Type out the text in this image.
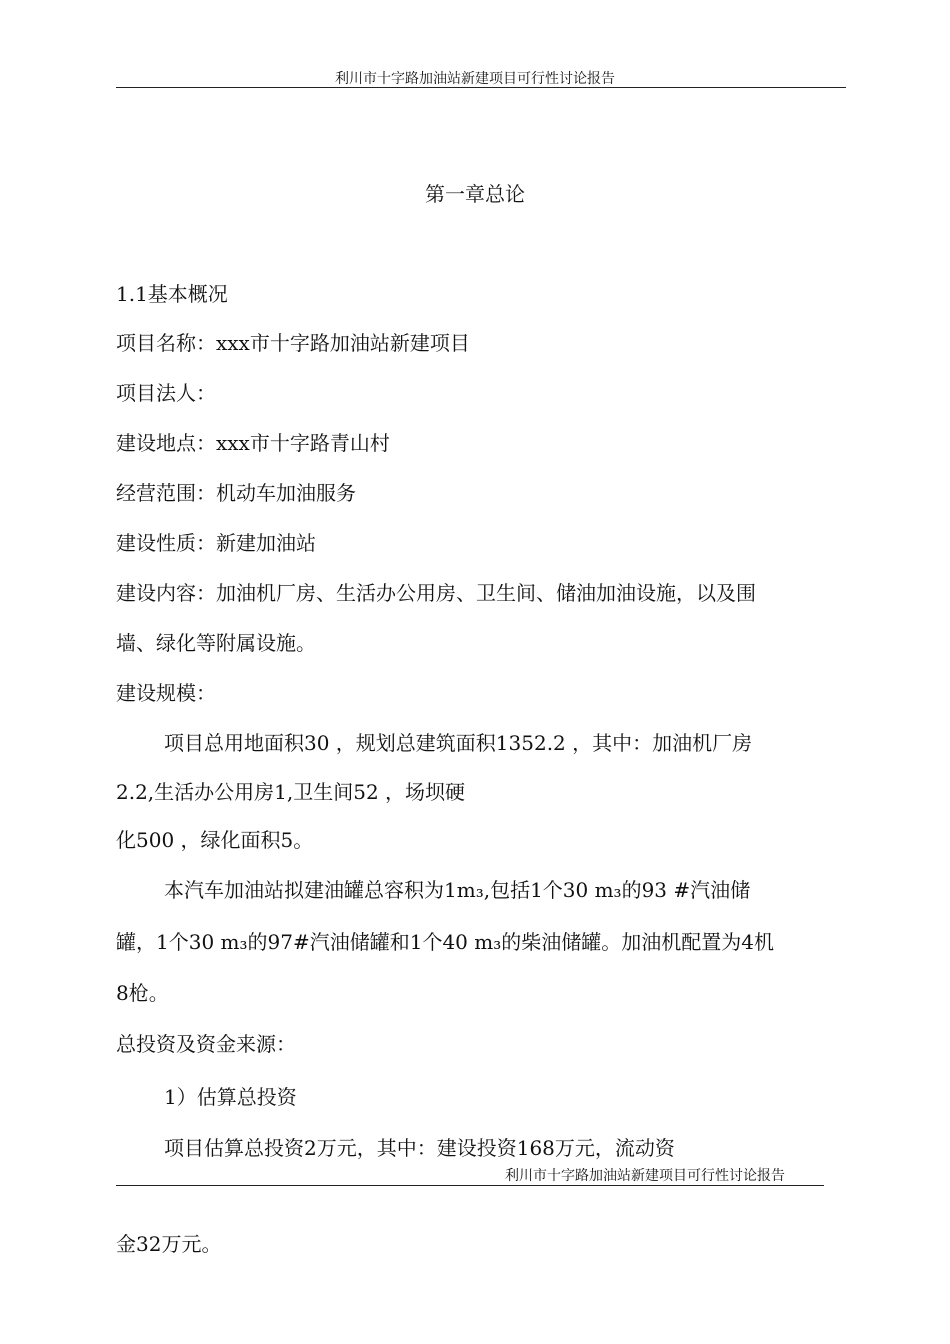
利川市十字路加油站新建项目可行性讨论报告
第一章总论
1.1基本概况
项目名称：xxx市十字路加油站新建项目
项目法人：
建设地点：xxx市十字路青山村
经营范围：机动车加油服务
建设性质：新建加油站
建设内容：加油机厂房、生活办公用房、卫生间、储油加油设施，以及围
墙、绿化等附属设施。
建设规模：
项目总用地面积30 ，规划总建筑面积1352.2 ，其中：加油机厂房
2.2,生活办公用房1,卫生间52 ，场坝硬
化500 ，绿化面积5。
本汽车加油站拟建油罐总容积为1m₃,包括1个30 m₃的93 #汽油储
罐，1个30 m₃的97#汽油储罐和1个40 m₃的柴油储罐。加油机配置为4机
8枪。
总投资及资金来源：
1）估算总投资
项目估算总投资2万元，其中：建设投资168万元，流动资
利川市十字路加油站新建项目可行性讨论报告
金32万元。
